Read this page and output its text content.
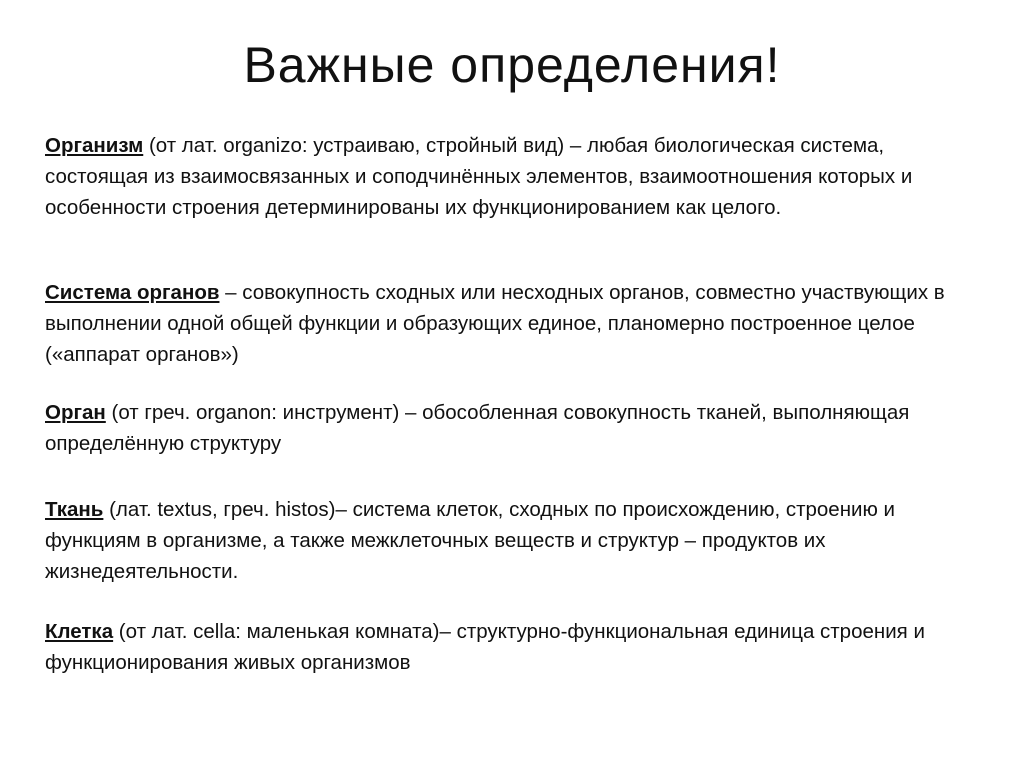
Важные определения!
Организм (от лат. organizo: устраиваю, стройный вид) – любая биологическая система, состоящая из взаимосвязанных и соподчинённых элементов, взаимоотношения которых и особенности строения детерминированы их функционированием как целого.
Система органов – совокупность сходных или несходных органов, совместно участвующих в выполнении одной общей функции и образующих единое, планомерно построенное целое («аппарат органов»)
Орган (от греч. organon: инструмент) – обособленная совокупность тканей, выполняющая определённую структуру
Ткань (лат. textus, греч. histos)– система клеток, сходных по происхождению, строению и функциям в организме, а также межклеточных веществ и структур – продуктов их жизнедеятельности.
Клетка (от лат. cella: маленькая комната)– структурно-функциональная единица строения и функционирования живых организмов
